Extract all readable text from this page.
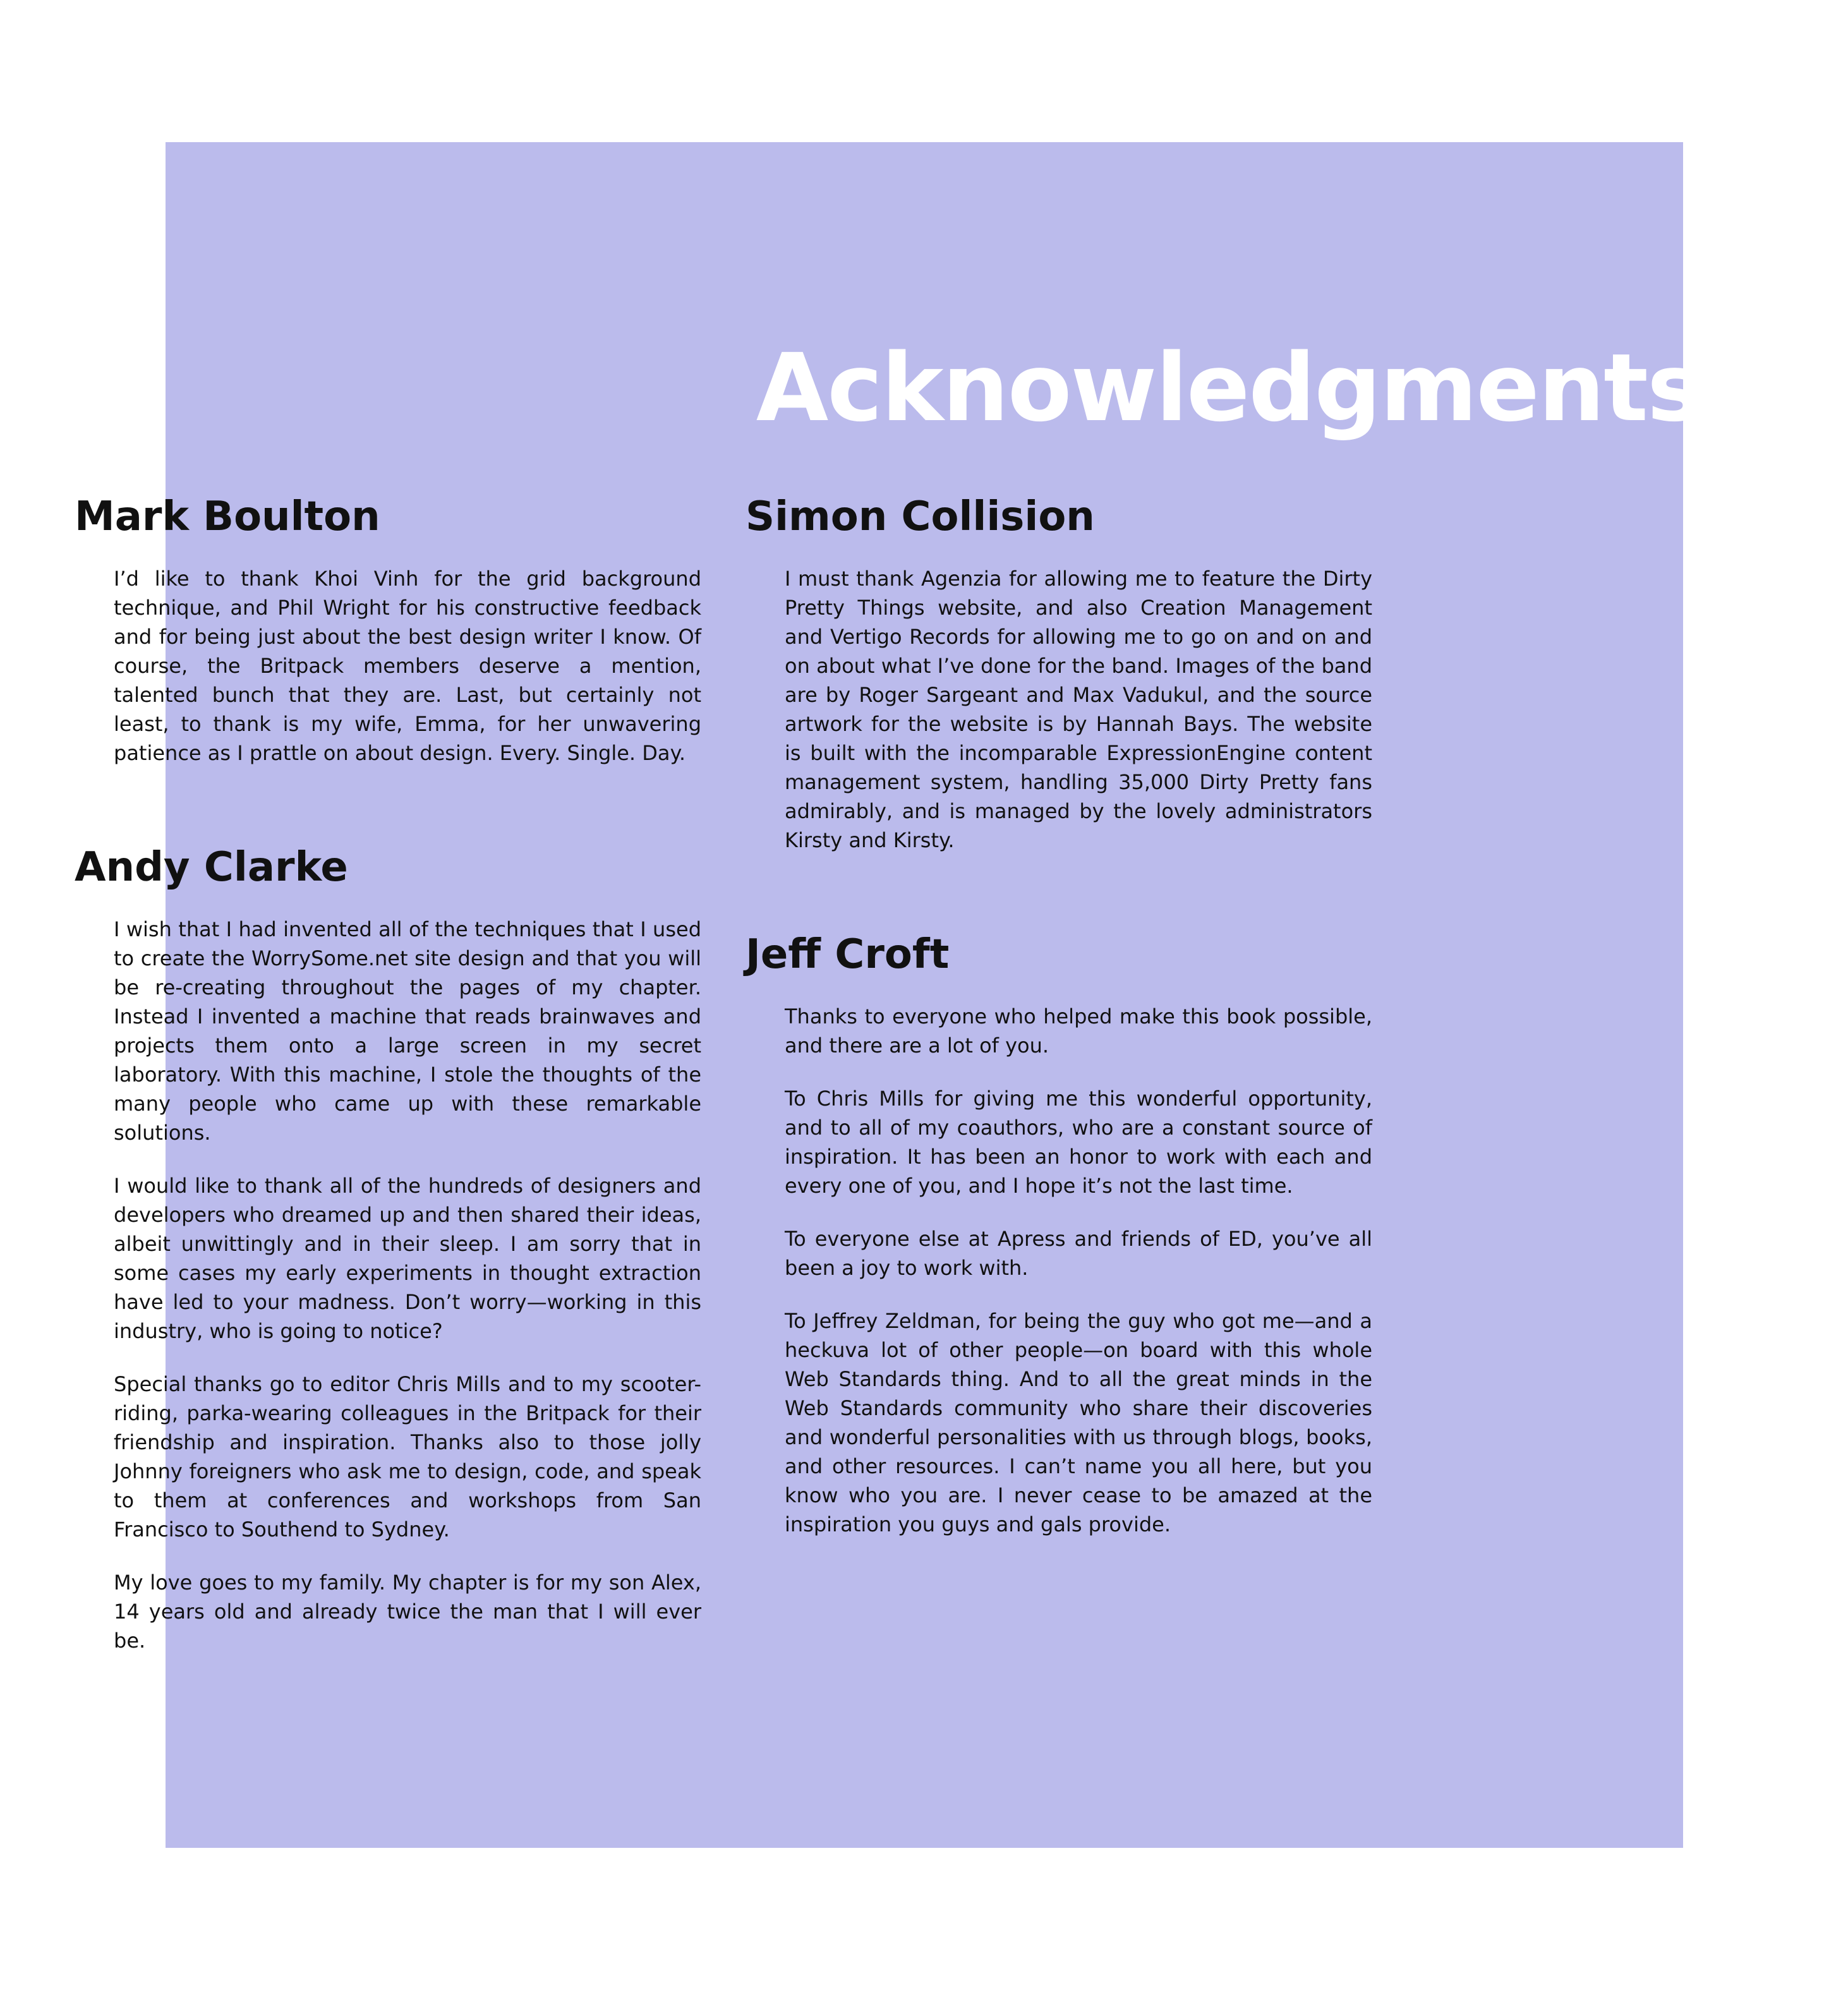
Acknowledgments
Mark Boulton

I’d like to thank Khoi Vinh for the grid background technique, and Phil Wright for his constructive feedback and for being just about the best design writer I know. Of course, the Britpack members deserve a mention, talented bunch that they are. Last, but certainly not least, to thank is my wife, Emma, for her unwavering patience as I prattle on about design. Every. Single. Day.

Andy Clarke

I wish that I had invented all of the techniques that I used to create the WorrySome.net site design and that you will be re-creating throughout the pages of my chapter. Instead I invented a machine that reads brainwaves and projects them onto a large screen in my secret laboratory. With this machine, I stole the thoughts of the many people who came up with these remarkable solutions.

I would like to thank all of the hundreds of designers and developers who dreamed up and then shared their ideas, albeit unwittingly and in their sleep. I am sorry that in some cases my early experiments in thought extraction have led to your madness. Don’t worry—working in this industry, who is going to notice?

Special thanks go to editor Chris Mills and to my scooter-riding, parka-wearing colleagues in the Britpack for their friendship and inspiration. Thanks also to those jolly Johnny foreigners who ask me to design, code, and speak to them at conferences and workshops from San Francisco to Southend to Sydney.

My love goes to my family. My chapter is for my son Alex, 14 years old and already twice the man that I will ever be.

Simon Collision

I must thank Agenzia for allowing me to feature the Dirty Pretty Things website, and also Creation Management and Vertigo Records for allowing me to go on and on and on about what I’ve done for the band. Images of the band are by Roger Sargeant and Max Vadukul, and the source artwork for the website is by Hannah Bays. The website is built with the incomparable ExpressionEngine content management system, handling 35,000 Dirty Pretty fans admirably, and is managed by the lovely administrators Kirsty and Kirsty.

Jeff Croft

Thanks to everyone who helped make this book possible, and there are a lot of you.

To Chris Mills for giving me this wonderful opportunity, and to all of my coauthors, who are a constant source of inspiration. It has been an honor to work with each and every one of you, and I hope it’s not the last time.

To everyone else at Apress and friends of ED, you’ve all been a joy to work with.

To Jeffrey Zeldman, for being the guy who got me—and a heckuva lot of other people—on board with this whole Web Standards thing. And to all the great minds in the Web Standards community who share their discoveries and wonderful personalities with us through blogs, books, and other resources. I can’t name you all here, but you know who you are. I never cease to be amazed at the inspiration you guys and gals provide.
